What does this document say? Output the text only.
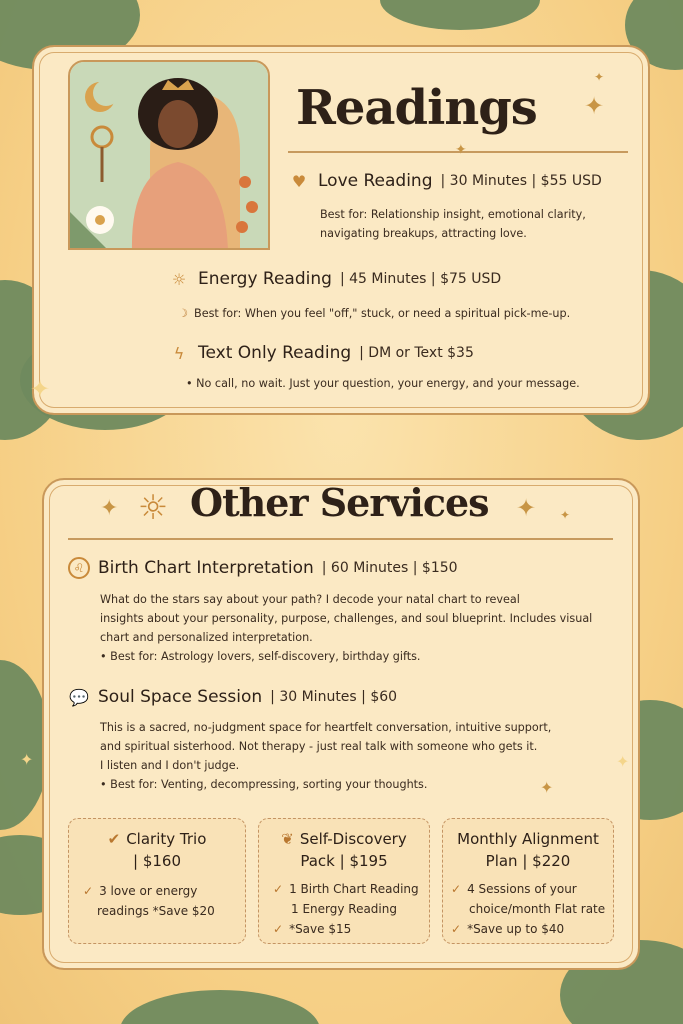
Readings ✦
✦
✦
♥ Love Reading | 30 Minutes | $55 USD
Best for: Relationship insight, emotional clarity,
navigating breakups, attracting love.
☼ Energy Reading | 45 Minutes | $75 USD
☽ Best for: When you feel "off," stuck, or need a spiritual pick-me-up.
ϟ Text Only Reading | DM or Text $35
• No call, no wait. Just your question, your energy, and your message.
✦ ☼ Other Services ✦ ✦
♌ Birth Chart Interpretation | 60 Minutes | $150
What do the stars say about your path? I decode your natal chart to reveal
insights about your personality, purpose, challenges, and soul blueprint. Includes visual
chart and personalized interpretation.
• Best for: Astrology lovers, self-discovery, birthday gifts.
💬 Soul Space Session | 30 Minutes | $60
This is a sacred, no-judgment space for heartfelt conversation, intuitive support,
and spiritual sisterhood. Not therapy - just real talk with someone who gets it.
I listen and I don't judge.
• Best for: Venting, decompressing, sorting your thoughts.	✦
✔ Clarity Trio
| $160
✓ 3 love or energy
readings *Save $20
❦ Self-Discovery
Pack | $195
✓ 1 Birth Chart Reading
1 Energy Reading
✓ *Save $15
Monthly Alignment
Plan | $220
✓ 4 Sessions of your
choice/month Flat rate
✓ *Save up to $40
✦
✦	✦
